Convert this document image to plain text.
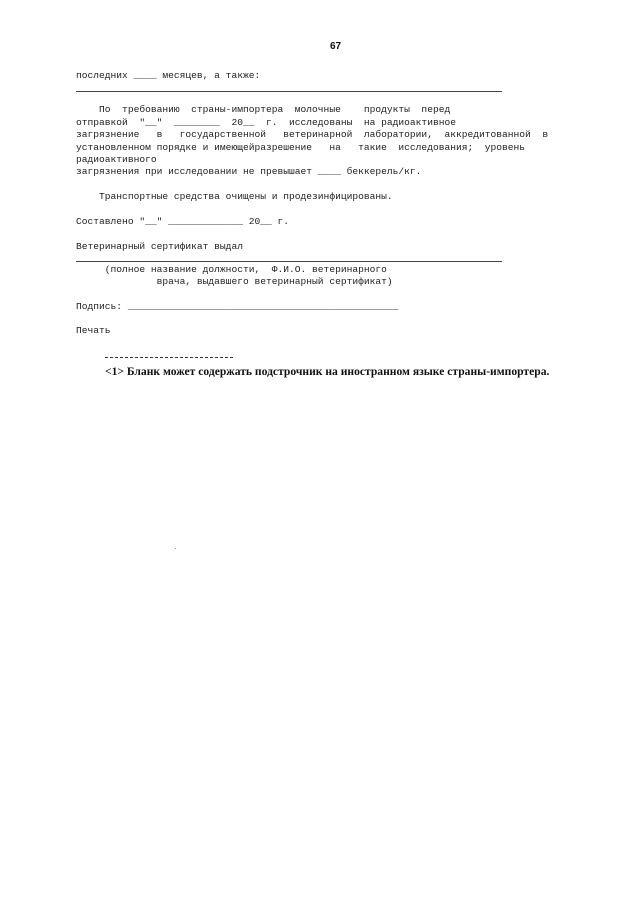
67
последних ____ месяцев, а также:
По  требованию  страны-импортера  молочные    продукты  перед
отправкой  "__"  ________  20__  г.  исследованы  на радиоактивное
загрязнение   в   государственной   ветеринарной  лаборатории,  аккредитованной  в
установленном порядке и имеющейразрешение   на   такие  исследования;  уровень
радиоактивного
загрязнения при исследовании не превышает ____ беккерель/кг.
Транспортные средства очищены и продезинфицированы.
Составлено "__" _____________ 20__ г.
Ветеринарный сертификат выдал
(полное название должности,  Ф.И.О. ветеринарного
врача, выдавшего ветеринарный сертификат)
Подпись: _______________________________________________
Печать
<1> Бланк может содержать подстрочник на иностранном языке страны-импортера.
